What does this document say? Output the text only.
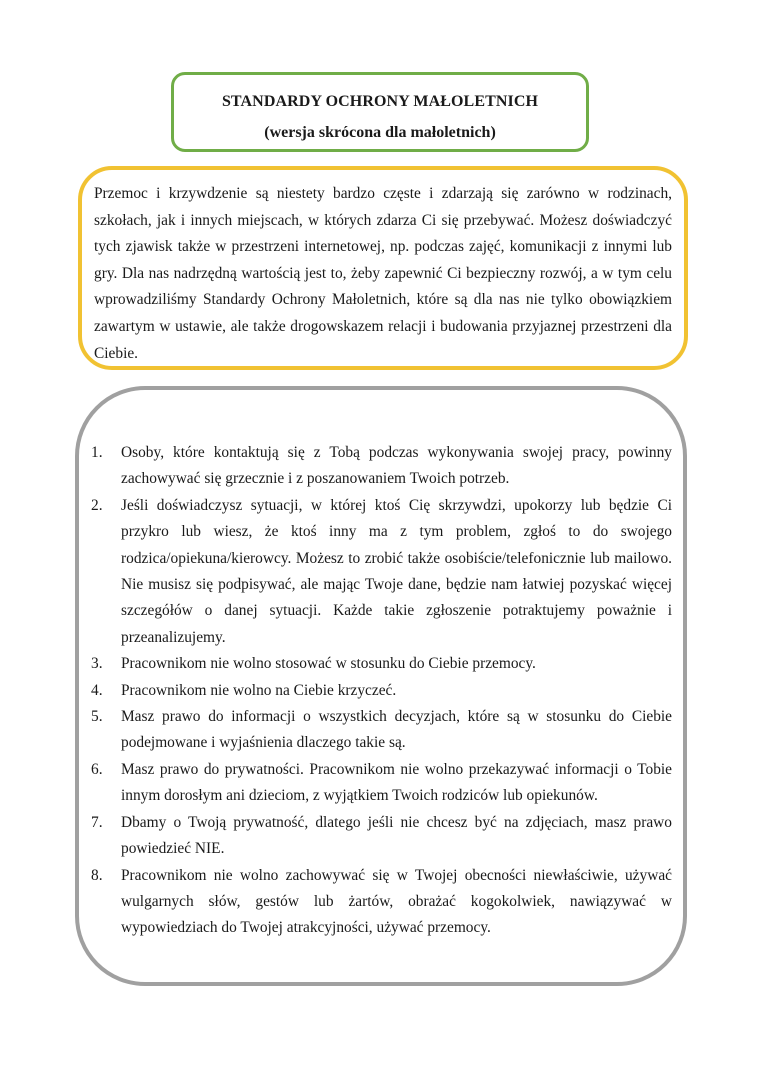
STANDARDY OCHRONY MAŁOLETNICH
(wersja skrócona dla małoletnich)

Przemoc i krzywdzenie są niestety bardzo częste i zdarzają się zarówno w rodzinach, szkołach, jak i innych miejscach, w których zdarza Ci się przebywać. Możesz doświadczyć tych zjawisk także w przestrzeni internetowej, np. podczas zajęć, komunikacji z innymi lub gry. Dla nas nadrzędną wartością jest to, żeby zapewnić Ci bezpieczny rozwój, a w tym celu wprowadziliśmy Standardy Ochrony Małoletnich, które są dla nas nie tylko obowiązkiem zawartym w ustawie, ale także drogowskazem relacji i budowania przyjaznej przestrzeni dla Ciebie.

1. Osoby, które kontaktują się z Tobą podczas wykonywania swojej pracy, powinny zachowywać się grzecznie i z poszanowaniem Twoich potrzeb.
2. Jeśli doświadczysz sytuacji, w której ktoś Cię skrzywdzi, upokorzy lub będzie Ci przykro lub wiesz, że ktoś inny ma z tym problem, zgłoś to do swojego rodzica/opiekuna/kierowcy. Możesz to zrobić także osobiście/telefonicznie lub mailowo. Nie musisz się podpisywać, ale mając Twoje dane, będzie nam łatwiej pozyskać więcej szczegółów o danej sytuacji. Każde takie zgłoszenie potraktujemy poważnie i przeanalizujemy.
3. Pracownikom nie wolno stosować w stosunku do Ciebie przemocy.
4. Pracownikom nie wolno na Ciebie krzyczeć.
5. Masz prawo do informacji o wszystkich decyzjach, które są w stosunku do Ciebie podejmowane i wyjaśnienia dlaczego takie są.
6. Masz prawo do prywatności. Pracownikom nie wolno przekazywać informacji o Tobie innym dorosłym ani dzieciom, z wyjątkiem Twoich rodziców lub opiekunów.
7. Dbamy o Twoją prywatność, dlatego jeśli nie chcesz być na zdjęciach, masz prawo powiedzieć NIE.
8. Pracownikom nie wolno zachowywać się w Twojej obecności niewłaściwie, używać wulgarnych słów, gestów lub żartów, obrażać kogokolwiek, nawiązywać w wypowiedziach do Twojej atrakcyjności, używać przemocy.
